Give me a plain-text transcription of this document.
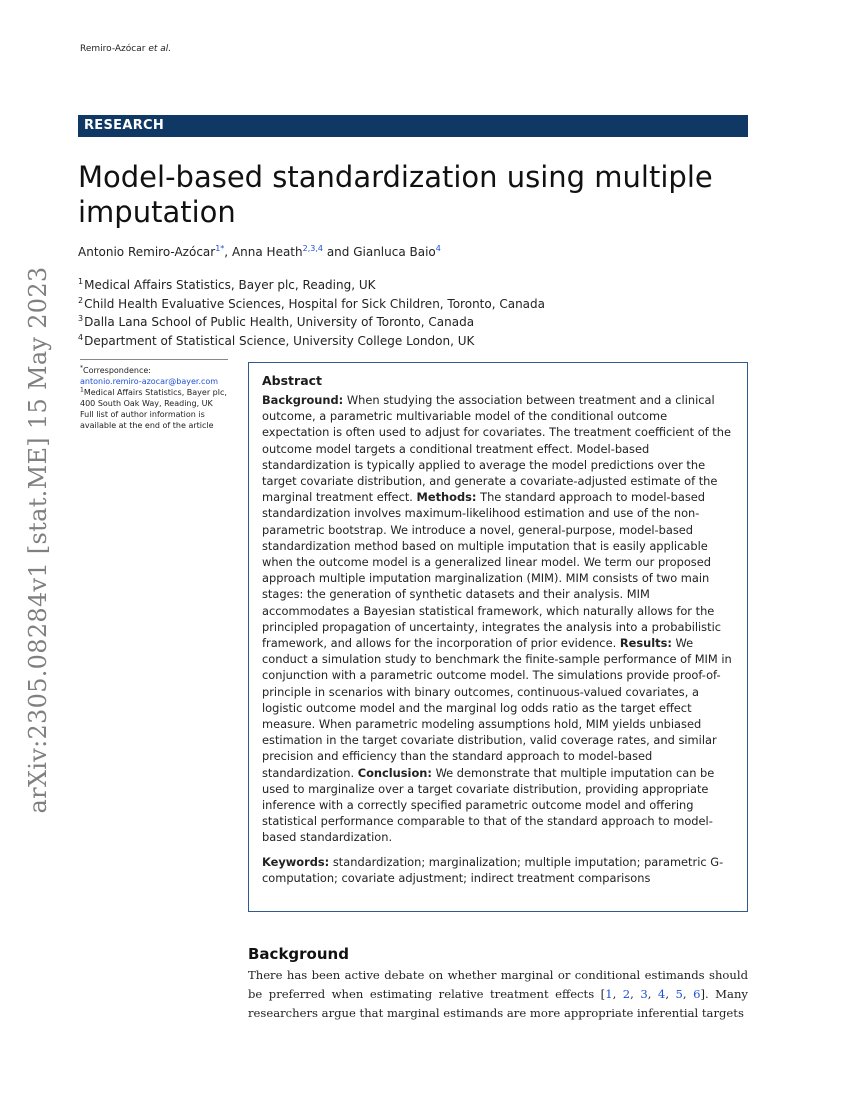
Remiro-Azócar et al.
arXiv:2305.08284v1 [stat.ME] 15 May 2023
RESEARCH
Model-based standardization using multiple imputation
Antonio Remiro-Azócar$^{1*}$, Anna Heath$^{2,3,4}$ and Gianluca Baio$^4$
$^1$Medical Affairs Statistics, Bayer plc, Reading, UK
$^2$Child Health Evaluative Sciences, Hospital for Sick Children, Toronto, Canada
$^3$Dalla Lana School of Public Health, University of Toronto, Canada
$^4$Department of Statistical Science, University College London, UK
*Correspondence:
antonio.remiro-azocar@bayer.com
$^1$Medical Affairs Statistics, Bayer plc, 400 South Oak Way, Reading, UK
Full list of author information is available at the end of the article
Abstract
Background: When studying the association between treatment and a clinical outcome, a parametric multivariable model of the conditional outcome expectation is often used to adjust for covariates. The treatment coefficient of the outcome model targets a conditional treatment effect. Model-based standardization is typically applied to average the model predictions over the target covariate distribution, and generate a covariate-adjusted estimate of the marginal treatment effect. Methods: The standard approach to model-based standardization involves maximum-likelihood estimation and use of the non-parametric bootstrap. We introduce a novel, general-purpose, model-based standardization method based on multiple imputation that is easily applicable when the outcome model is a generalized linear model. We term our proposed approach multiple imputation marginalization (MIM). MIM consists of two main stages: the generation of synthetic datasets and their analysis. MIM accommodates a Bayesian statistical framework, which naturally allows for the principled propagation of uncertainty, integrates the analysis into a probabilistic framework, and allows for the incorporation of prior evidence. Results: We conduct a simulation study to benchmark the finite-sample performance of MIM in conjunction with a parametric outcome model. The simulations provide proof-of-principle in scenarios with binary outcomes, continuous-valued covariates, a logistic outcome model and the marginal log odds ratio as the target effect measure. When parametric modeling assumptions hold, MIM yields unbiased estimation in the target covariate distribution, valid coverage rates, and similar precision and efficiency than the standard approach to model-based standardization. Conclusion: We demonstrate that multiple imputation can be used to marginalize over a target covariate distribution, providing appropriate inference with a correctly specified parametric outcome model and offering statistical performance comparable to that of the standard approach to model-based standardization.
Keywords: standardization; marginalization; multiple imputation; parametric G-computation; covariate adjustment; indirect treatment comparisons
Background

There has been active debate on whether marginal or conditional estimands should be preferred when estimating relative treatment effects [1, 2, 3, 4, 5, 6]. Many researchers argue that marginal estimands are more appropriate inferential targets
